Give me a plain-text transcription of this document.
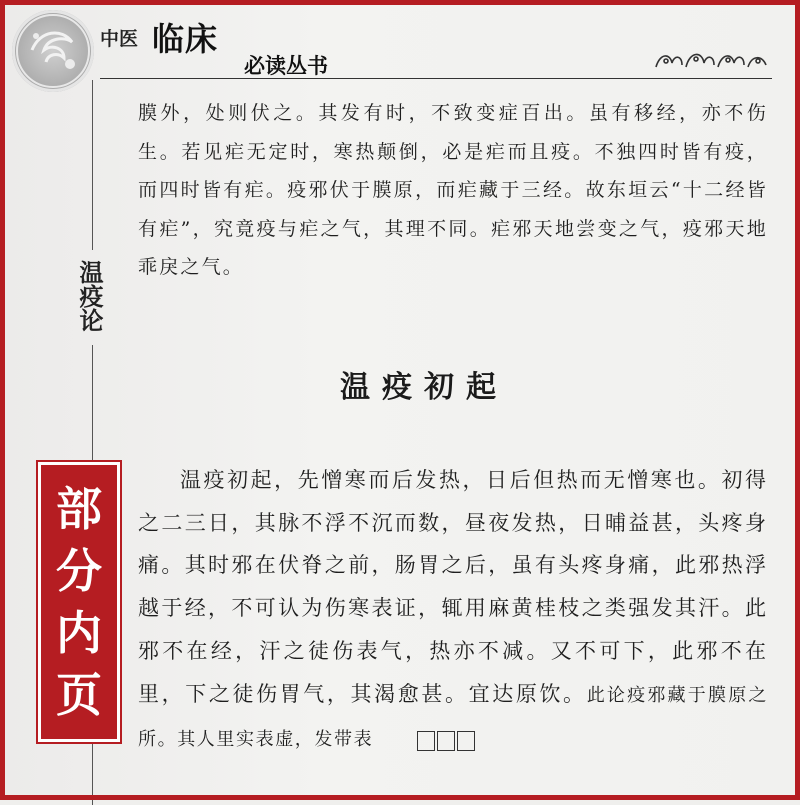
中医 临床
必读丛书
温疫论

膜外，处则伏之。其发有时，不致变症百出。虽有移经，亦不伤生。若见疟无定时，寒热颠倒，必是疟而且疫。不独四时皆有疫，而四时皆有疟。疫邪伏于膜原，而疟藏于三经。故东垣云“十二经皆有疟”，究竟疫与疟之气，其理不同。疟邪天地尝变之气，疫邪天地乖戾之气。

温疫初起

温疫初起，先憎寒而后发热，日后但热而无憎寒也。初得之二三日，其脉不浮不沉而数，昼夜发热，日晡益甚，头疼身痛。其时邪在伏脊之前，肠胃之后，虽有头疼身痛，此邪热浮越于经，不可认为伤寒表证，辄用麻黄桂枝之类强发其汗。此邪不在经，汗之徒伤表气，热亦不减。又不可下，此邪不在里，下之徒伤胃气，其渴愈甚。宜达原饮。此论疫邪藏于膜原之所。其人里实表虚，发带表

部
分
内
页
